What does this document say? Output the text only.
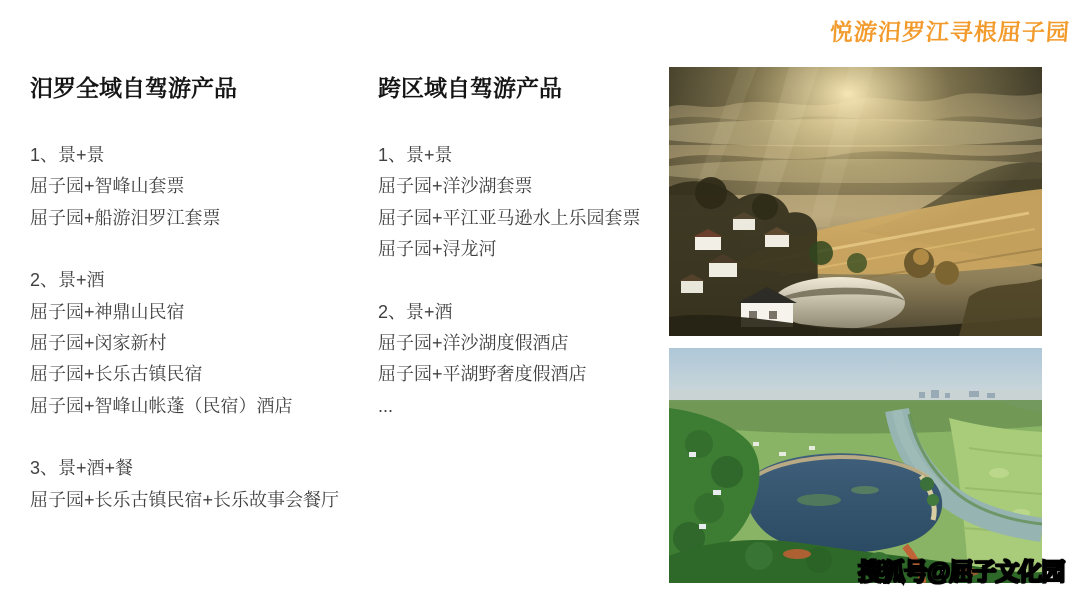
悦游汨罗江寻根屈子园
汨罗全域自驾游产品

1、景+景

屈子园+智峰山套票

屈子园+船游汨罗江套票

2、景+酒

屈子园+神鼎山民宿

屈子园+闵家新村

屈子园+长乐古镇民宿

屈子园+智峰山帐蓬（民宿）酒店

3、景+酒+餐

屈子园+长乐古镇民宿+长乐故事会餐厅

跨区域自驾游产品

1、景+景

屈子园+洋沙湖套票

屈子园+平江亚马逊水上乐园套票

屈子园+浔龙河

2、景+酒

屈子园+洋沙湖度假酒店

屈子园+平湖野奢度假酒店

...

搜狐号@屈子文化园
